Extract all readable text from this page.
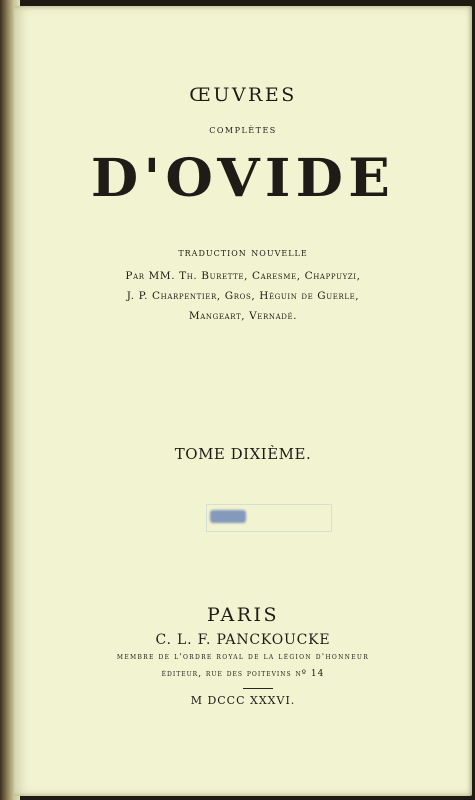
ŒUVRES
complètes
D'OVIDE
traduction nouvelle
Par MM. Th. Burette, Caresme, Chappuyzi,
J. P. Charpentier, Gros, Héguin de Guerle,
Mangeart, Vernadé.
TOME DIXIÈME.
PARIS
C. L. F. PANCKOUCKE
membre de l'ordre royal de la légion d'honneur
éditeur, rue des poitevins nº 14
M DCCC XXXVI.
